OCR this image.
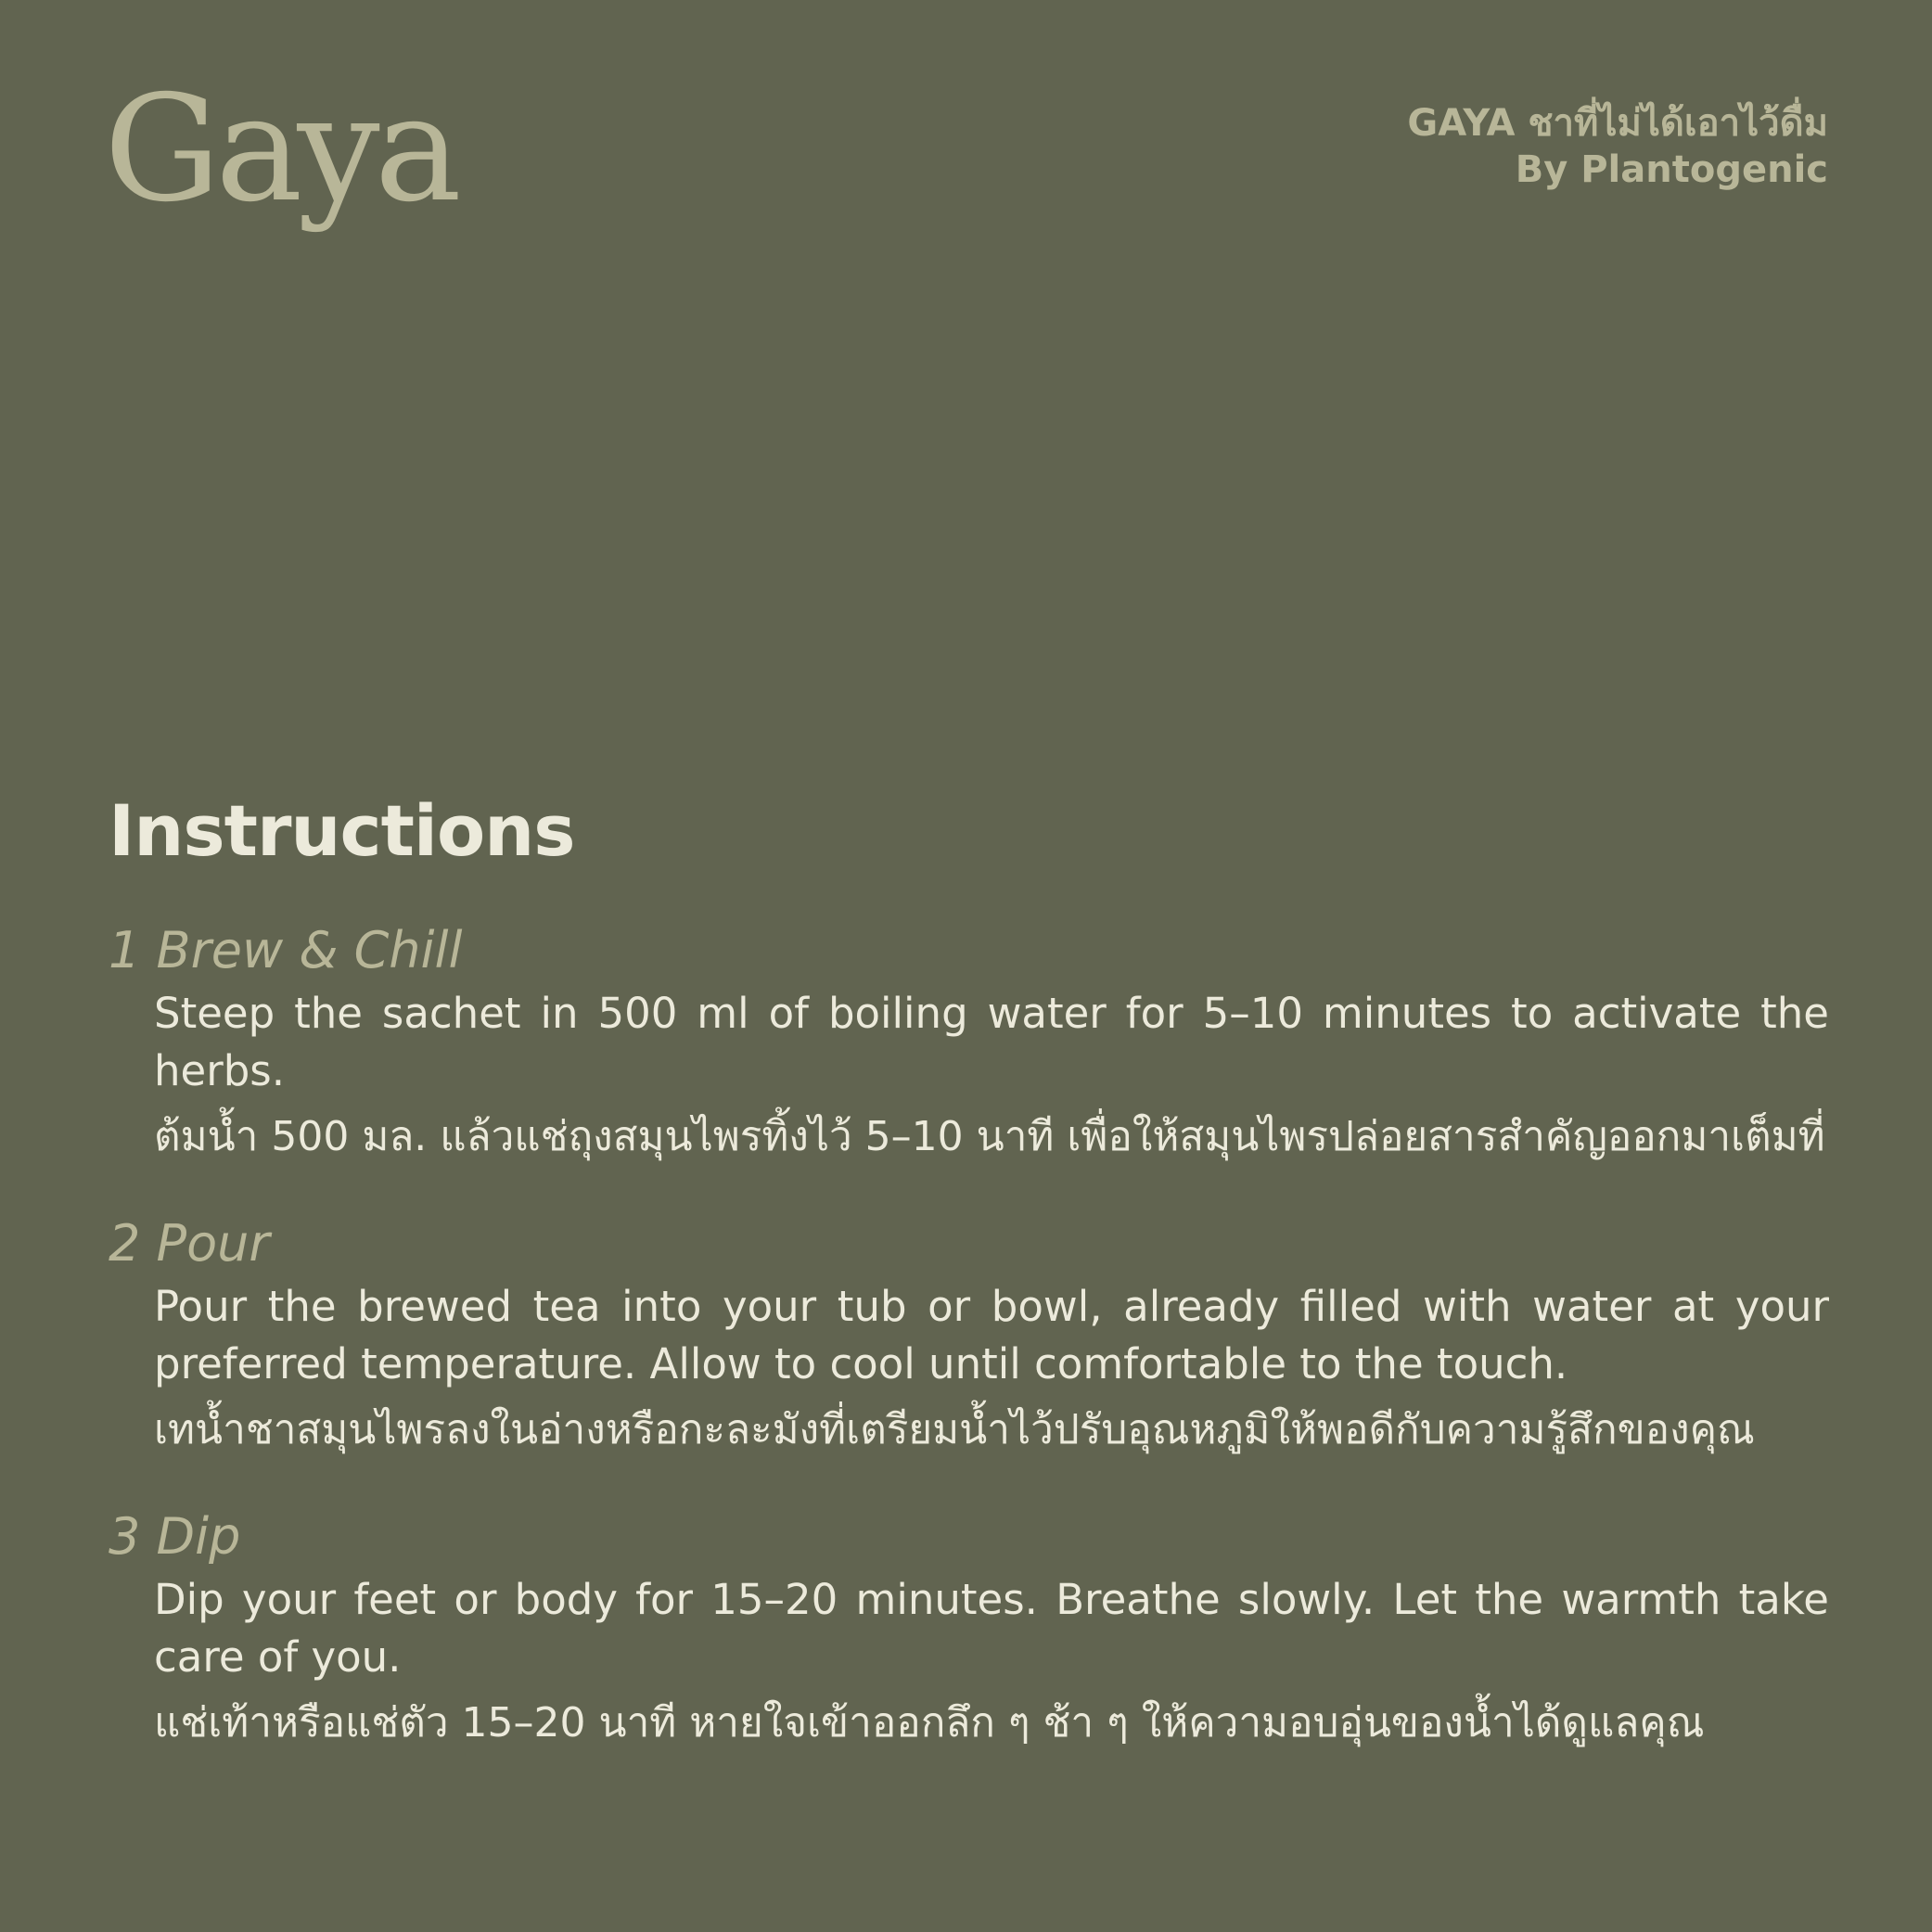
Gaya	GAYA ชาที่ไม่ได้เอาไว้ดื่ม
By Plantogenic
Instructions
1 Brew & Chill

Steep the sachet in 500 ml of boiling water for 5–10 minutes to activate the herbs.

ต้มน้ำ 500 มล. แล้วแช่ถุงสมุนไพรทิ้งไว้ 5–10 นาที เพื่อให้สมุนไพรปล่อยสารสำคัญออกมาเต็มที่

2 Pour

Pour the brewed tea into your tub or bowl, already filled with water at your preferred temperature. Allow to cool until comfortable to the touch.

เทน้ำชาสมุนไพรลงในอ่างหรือกะละมังที่เตรียมน้ำไว้ปรับอุณหภูมิให้พอดีกับความรู้สึกของคุณ

3 Dip

Dip your feet or body for 15–20 minutes. Breathe slowly. Let the warmth take care of you.

แช่เท้าหรือแช่ตัว 15–20 นาที หายใจเข้าออกลึก ๆ ช้า ๆ ให้ความอบอุ่นของน้ำได้ดูแลคุณ
